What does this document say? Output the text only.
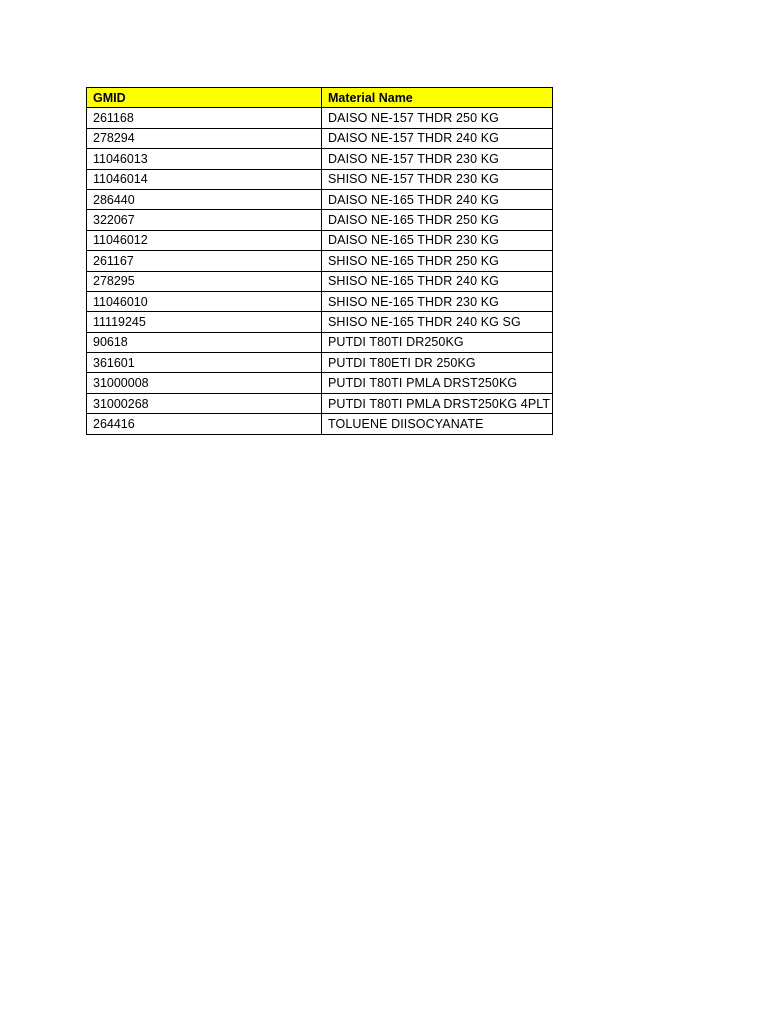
GMID	Material Name
261168	DAISO NE-157 THDR 250 KG
278294	DAISO NE-157 THDR 240 KG
11046013	DAISO NE-157 THDR 230 KG
11046014	SHISO NE-157 THDR 230 KG
286440	DAISO NE-165 THDR 240 KG
322067	DAISO NE-165 THDR 250 KG
11046012	DAISO NE-165 THDR 230 KG
261167	SHISO NE-165 THDR 250 KG
278295	SHISO NE-165 THDR 240 KG
11046010	SHISO NE-165 THDR 230 KG
11119245	SHISO NE-165 THDR 240 KG SG
90618	PUTDI T80TI DR250KG
361601	PUTDI T80ETI DR 250KG
31000008	PUTDI T80TI PMLA DRST250KG
31000268	PUTDI T80TI PMLA DRST250KG 4PLT
264416	TOLUENE DIISOCYANATE
